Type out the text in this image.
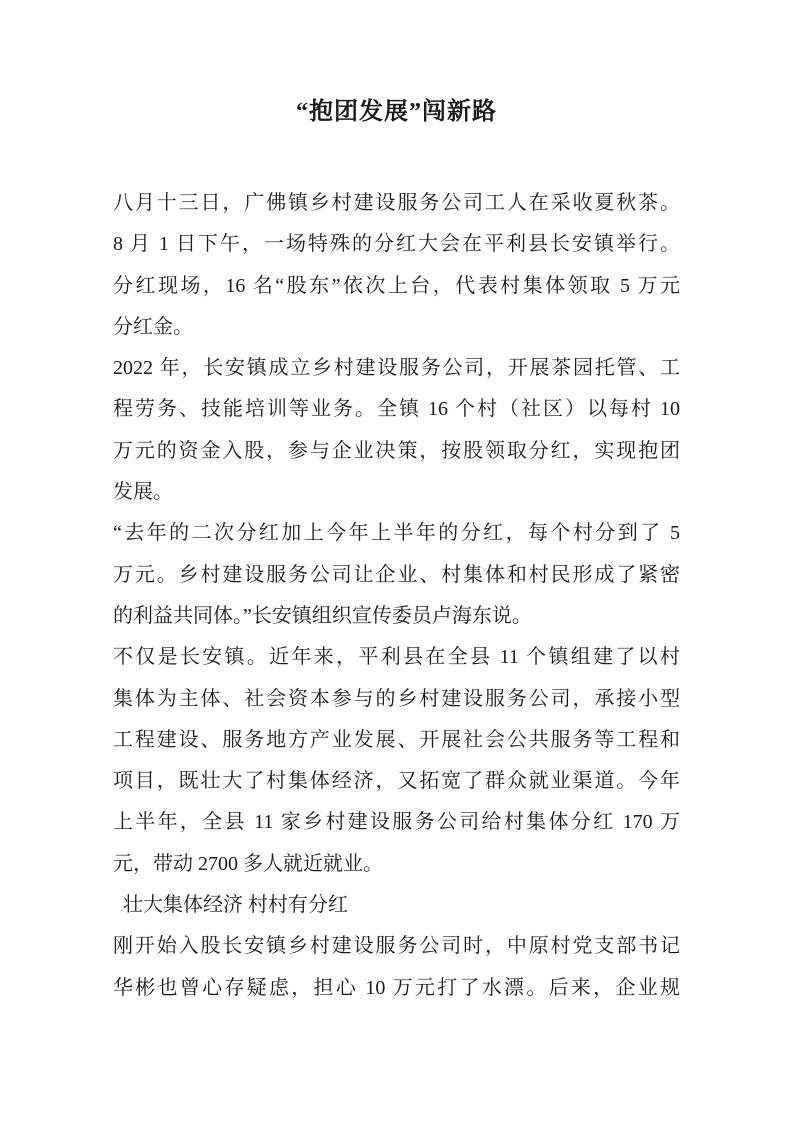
“抱团发展”闯新路
八月十三日，广佛镇乡村建设服务公司工人在采收夏秋茶。
8 月 1 日下午，一场特殊的分红大会在平利县长安镇举行。
分红现场，16 名“股东”依次上台，代表村集体领取 5 万元
分红金。
2022 年，长安镇成立乡村建设服务公司，开展茶园托管、工
程劳务、技能培训等业务。全镇 16 个村（社区）以每村 10
万元的资金入股，参与企业决策，按股领取分红，实现抱团
发展。
“去年的二次分红加上今年上半年的分红，每个村分到了 5
万元。乡村建设服务公司让企业、村集体和村民形成了紧密
的利益共同体。”长安镇组织宣传委员卢海东说。
不仅是长安镇。近年来，平利县在全县 11 个镇组建了以村
集体为主体、社会资本参与的乡村建设服务公司，承接小型
工程建设、服务地方产业发展、开展社会公共服务等工程和
项目，既壮大了村集体经济，又拓宽了群众就业渠道。今年
上半年，全县 11 家乡村建设服务公司给村集体分红 170 万
元，带动 2700 多人就近就业。
壮大集体经济 村村有分红
刚开始入股长安镇乡村建设服务公司时，中原村党支部书记
华彬也曾心存疑虑，担心 10 万元打了水漂。后来，企业规
